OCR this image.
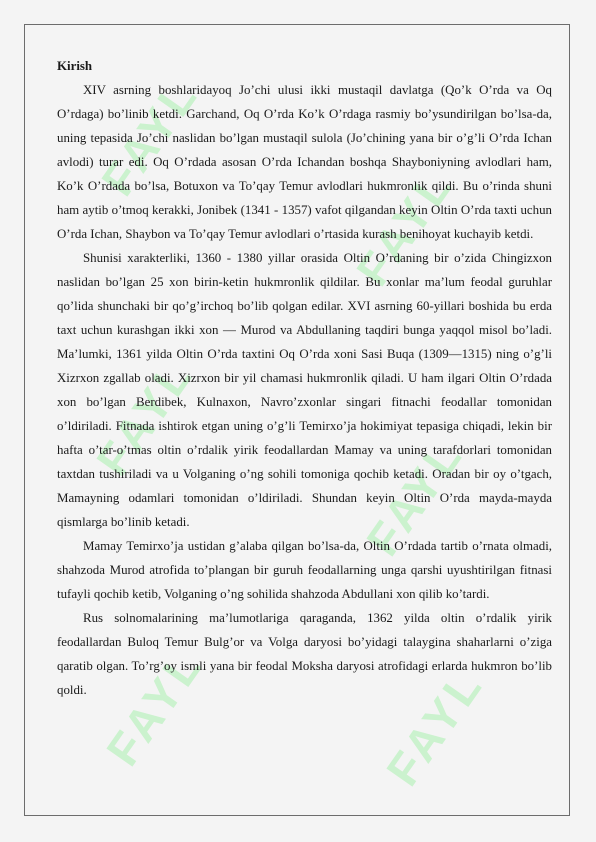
FAYL
FAYL
FAYL
FAYL
FAYL	FAYL

Kirish

XIV asrning boshlaridayoq Jo’chi ulusi ikki mustaqil davlatga (Qo’k O’rda va Oq O’rdaga) bo’linib ketdi. Garchand, Oq O’rda Ko’k O’rdaga rasmiy bo’ysundirilgan bo’lsa-da, uning tepasida Jo’chi naslidan bo’lgan mustaqil sulola (Jo’chining yana bir o’g’li O’rda Ichan avlodi) turar edi. Oq O’rdada asosan O’rda Ichandan boshqa Shayboniyning avlodlari ham, Ko’k O’rdada bo’lsa, Botuxon va To’qay Temur avlodlari hukmronlik qildi. Bu o’rinda shuni ham aytib o’tmoq kerakki, Jonibek (1341 - 1357) vafot qilgandan keyin Oltin O’rda taxti uchun O’rda Ichan, Shaybon va To’qay Temur avlodlari o’rtasida kurash benihoyat kuchayib ketdi.

Shunisi xarakterliki, 1360 - 1380 yillar orasida Oltin O’rdaning bir o’zida Chingizxon naslidan bo’lgan 25 xon birin-ketin hukmronlik qildilar. Bu xonlar ma’lum feodal guruhlar qo’lida shunchaki bir qo’g’irchoq bo’lib qolgan edilar. XVI asrning 60-yillari boshida bu erda taxt uchun kurashgan ikki xon — Murod va Abdullaning taqdiri bunga yaqqol misol bo’ladi. Ma’lumki, 1361 yilda Oltin O’rda taxtini Oq O’rda xoni Sasi Buqa (1309—1315) ning o’g’li Xizrxon zgallab oladi. Xizrxon bir yil chamasi hukmronlik qiladi. U ham ilgari Oltin O’rdada xon bo’lgan Berdibek, Kulnaxon, Navro’zxonlar singari fitnachi feodallar tomonidan o’ldiriladi. Fitnada ishtirok etgan uning o’g’li Temirxo’ja hokimiyat tepasiga chiqadi, lekin bir hafta o’tar-o’tmas oltin o’rdalik yirik feodallardan Mamay va uning tarafdorlari tomonidan taxtdan tushiriladi va u Volganing o’ng sohili tomoniga qochib ketadi. Oradan bir oy o’tgach, Mamayning odamlari tomonidan o’ldiriladi. Shundan keyin Oltin O’rda mayda-mayda qismlarga bo’linib ketadi.

Mamay Temirxo’ja ustidan g’alaba qilgan bo’lsa-da, Oltin O’rdada tartib o’rnata olmadi, shahzoda Murod atrofida to’plangan bir guruh feodallarning unga qarshi uyushtirilgan fitnasi tufayli qochib ketib, Volganing o’ng sohilida shahzoda Abdullani xon qilib ko’tardi.

Rus solnomalarining ma’lumotlariga qaraganda, 1362 yilda oltin o’rdalik yirik feodallardan Buloq Temur Bulg’or va Volga daryosi bo’yidagi talaygina shaharlarni o’ziga qaratib olgan. To’rg’oy ismli yana bir feodal Moksha daryosi atrofidagi erlarda hukmron bo’lib qoldi.
